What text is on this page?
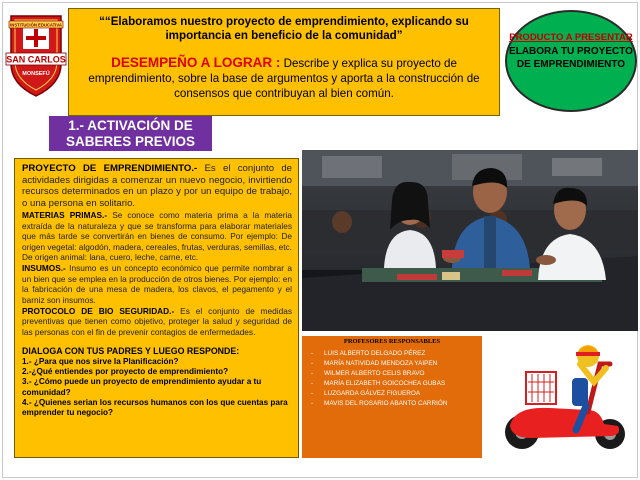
INSTITUCIÓN EDUCATIVA
SAN CARLOS
MONSEFÚ
““Elaboramos nuestro proyecto de emprendimiento, explicando su importancia en beneficio de la comunidad”
DESEMPEÑO A LOGRAR : Describe y explica su proyecto de emprendimiento, sobre la base de argumentos y aporta a la construcción de consensos que contribuyan al bien común.
PRODUCTO A PRESENTAR
ELABORA TU PROYECTO DE EMPRENDIMIENTO
1.- ACTIVACIÓN DE SABERES PREVIOS

PROYECTO DE EMPRENDIMIENTO.- Es el conjunto de actividades dirigidas a comenzar un nuevo negocio, invirtiendo recursos determinados en un plazo y por un equipo de trabajo, o una persona en solitario.

MATERIAS PRIMAS.- Se conoce como materia prima a la materia extraída de la naturaleza y que se transforma para elaborar materiales que más tarde se convertirán en bienes de consumo. Por ejemplo: De origen vegetal: algodón, madera, cereales, frutas, verduras, semillas, etc. De origen animal: lana, cuero, leche, carne, etc.

INSUMOS.- Insumo es un concepto económico que permite nombrar a un bien que se emplea en la producción de otros bienes. Por ejemplo: en la fabricación de una mesa de madera, los clavos, el pegamento y el barniz son insumos.

PROTOCOLO DE BIO SEGURIDAD.- Es el conjunto de medidas preventivas que tienen como objetivo, proteger la salud y seguridad de las personas con el fin de prevenir contagios de enfermedades.

DIALOGA CON TUS PADRES Y LUEGO RESPONDE:

1.- ¿Para que nos sirve la Planificación?

2.-¿Qué entiendes por proyecto de emprendimiento?

3.- ¿Cómo puede un proyecto de emprendimiento ayudar a tu comunidad?

4.- ¿Quienes serian los recursos humanos con los que cuentas para emprender tu negocio?

PROFESORES RESPONSABLES
- LUIS ALBERTO DELGADO PÉREZ
- MARÍA NATIVIDAD MENDOZA YAIPEN
- WILMER ALBERTO CELIS BRAVO
- MARÍA ELIZABETH GOICOCHEA GUBAS
- LUZGARDA GÁLVEZ FIGUEROA
- MAVIS DEL ROSARIO ABANTO CARRIÓN
